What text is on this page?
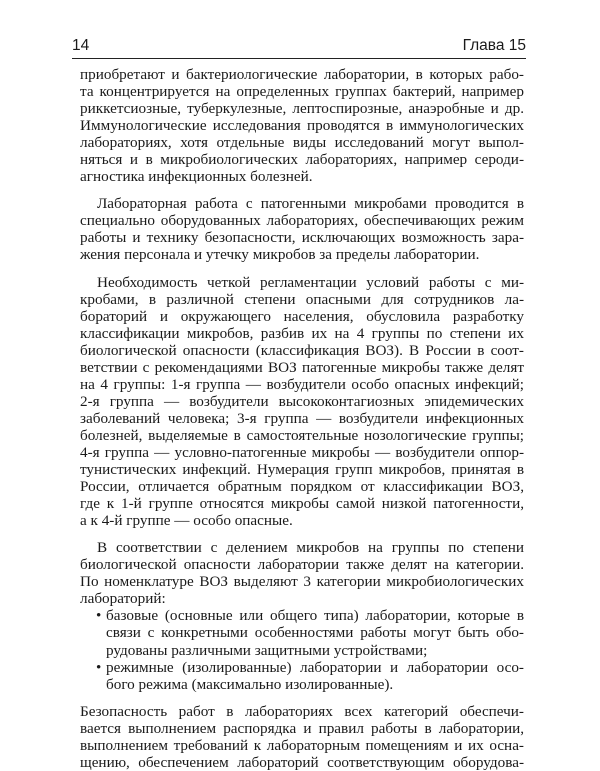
14	Глава 15
приобретают и бактериологические лаборатории, в которых рабо-
та концентрируется на определенных группах бактерий, например
риккетсиозные, туберкулезные, лептоспирозные, анаэробные и др.
Иммунологические исследования проводятся в иммунологических
лабораториях, хотя отдельные виды исследований могут выпол-
няться и в микробиологических лабораториях, например сероди-
агностика инфекционных болезней.
Лабораторная работа с патогенными микробами проводится в
специально оборудованных лабораториях, обеспечивающих режим
работы и технику безопасности, исключающих возможность зара-
жения персонала и утечку микробов за пределы лаборатории.
Необходимость четкой регламентации условий работы с ми-
кробами, в различной степени опасными для сотрудников ла-
бораторий и окружающего населения, обусловила разработку
классификации микробов, разбив их на 4 группы по степени их
биологической опасности (классификация ВОЗ). В России в соот-
ветствии с рекомендациями ВОЗ патогенные микробы также делят
на 4 группы: 1-я группа — возбудители особо опасных инфекций;
2-я группа — возбудители высококонтагиозных эпидемических
заболеваний человека; 3-я группа — возбудители инфекционных
болезней, выделяемые в самостоятельные нозологические группы;
4-я группа — условно-патогенные микробы — возбудители оппор-
тунистических инфекций. Нумерация групп микробов, принятая в
России, отличается обратным порядком от классификации ВОЗ,
где к 1-й группе относятся микробы самой низкой патогенности,
а к 4-й группе — особо опасные.
В соответствии с делением микробов на группы по степени
биологической опасности лаборатории также делят на категории.
По номенклатуре ВОЗ выделяют 3 категории микробиологических
лабораторий:
• базовые (основные или общего типа) лаборатории, которые в
связи с конкретными особенностями работы могут быть обо-
рудованы различными защитными устройствами;
• режимные (изолированные) лаборатории и лаборатории осо-
бого режима (максимально изолированные).
Безопасность работ в лабораториях всех категорий обеспечи-
вается выполнением распорядка и правил работы в лаборатории,
выполнением требований к лабораторным помещениям и их осна-
щению, обеспечением лабораторий соответствующим оборудова-
